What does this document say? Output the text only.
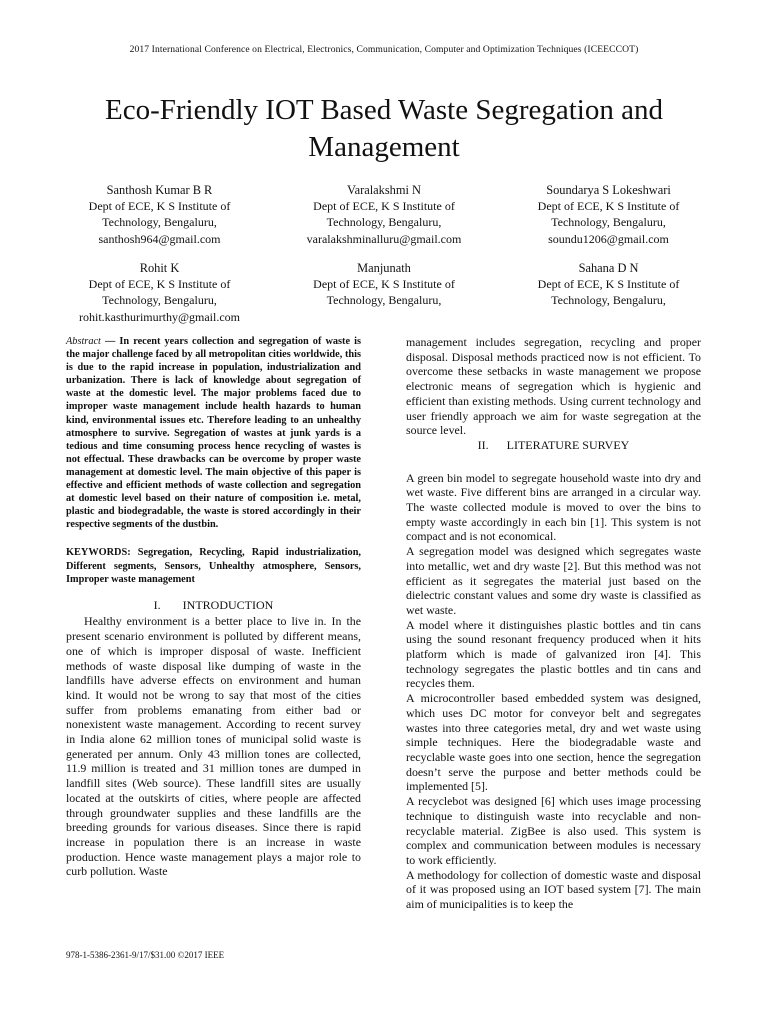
2017 International Conference on Electrical, Electronics, Communication, Computer and Optimization Techniques (ICEECCOT)
Eco-Friendly IOT Based Waste Segregation and Management
Santhosh Kumar B R
Dept of ECE, K S Institute of
Technology, Bengaluru,
santhosh964@gmail.com
Varalakshmi N
Dept of ECE, K S Institute of
Technology, Bengaluru,
varalakshminalluru@gmail.com
Soundarya S Lokeshwari
Dept of ECE, K S Institute of
Technology, Bengaluru,
soundu1206@gmail.com
Rohit K
Dept of ECE, K S Institute of
Technology, Bengaluru,
rohit.kasthurimurthy@gmail.com
Manjunath
Dept of ECE, K S Institute of
Technology, Bengaluru,
Sahana D N
Dept of ECE, K S Institute of
Technology, Bengaluru,

Abstract — In recent years collection and segregation of waste is the major challenge faced by all metropolitan cities worldwide, this is due to the rapid increase in population, industrialization and urbanization. There is lack of knowledge about segregation of waste at the domestic level. The major problems faced due to improper waste management include health hazards to human kind, environmental issues etc. Therefore leading to an unhealthy atmosphere to survive. Segregation of wastes at junk yards is a tedious and time consuming process hence recycling of wastes is not effectual. These drawbacks can be overcome by proper waste management at domestic level. The main objective of this paper is effective and efficient methods of waste collection and segregation at domestic level based on their nature of composition i.e. metal, plastic and biodegradable, the waste is stored accordingly in their respective segments of the dustbin.

KEYWORDS: Segregation, Recycling, Rapid industrialization, Different segments, Sensors, Unhealthy atmosphere, Sensors, Improper waste management

I. INTRODUCTION

Healthy environment is a better place to live in. In the present scenario environment is polluted by different means, one of which is improper disposal of waste. Inefficient methods of waste disposal like dumping of waste in the landfills have adverse effects on environment and human kind. It would not be wrong to say that most of the cities suffer from problems emanating from either bad or nonexistent waste management. According to recent survey in India alone 62 million tones of municipal solid waste is generated per annum. Only 43 million tones are collected, 11.9 million is treated and 31 million tones are dumped in landfill sites (Web source). These landfill sites are usually located at the outskirts of cities, where people are affected through groundwater supplies and these landfills are the breeding grounds for various diseases. Since there is rapid increase in population there is an increase in waste production. Hence waste management plays a major role to curb pollution. Waste

management includes segregation, recycling and proper disposal. Disposal methods practiced now is not efficient. To overcome these setbacks in waste management we propose electronic means of segregation which is hygienic and efficient than existing methods. Using current technology and user friendly approach we aim for waste segregation at the source level.

II. LITERATURE SURVEY

A green bin model to segregate household waste into dry and wet waste. Five different bins are arranged in a circular way. The waste collected module is moved to over the bins to empty waste accordingly in each bin [1]. This system is not compact and is not economical.

A segregation model was designed which segregates waste into metallic, wet and dry waste [2]. But this method was not efficient as it segregates the material just based on the dielectric constant values and some dry waste is classified as wet waste.

A model where it distinguishes plastic bottles and tin cans using the sound resonant frequency produced when it hits platform which is made of galvanized iron [4]. This technology segregates the plastic bottles and tin cans and recycles them.

A microcontroller based embedded system was designed, which uses DC motor for conveyor belt and segregates wastes into three categories metal, dry and wet waste using simple techniques. Here the biodegradable waste and recyclable waste goes into one section, hence the segregation doesn’t serve the purpose and better methods could be implemented [5].

A recyclebot was designed [6] which uses image processing technique to distinguish waste into recyclable and non-recyclable material. ZigBee is also used. This system is complex and communication between modules is necessary to work efficiently.

A methodology for collection of domestic waste and disposal of it was proposed using an IOT based system [7]. The main aim of municipalities is to keep the

978-1-5386-2361-9/17/$31.00 ©2017 IEEE
